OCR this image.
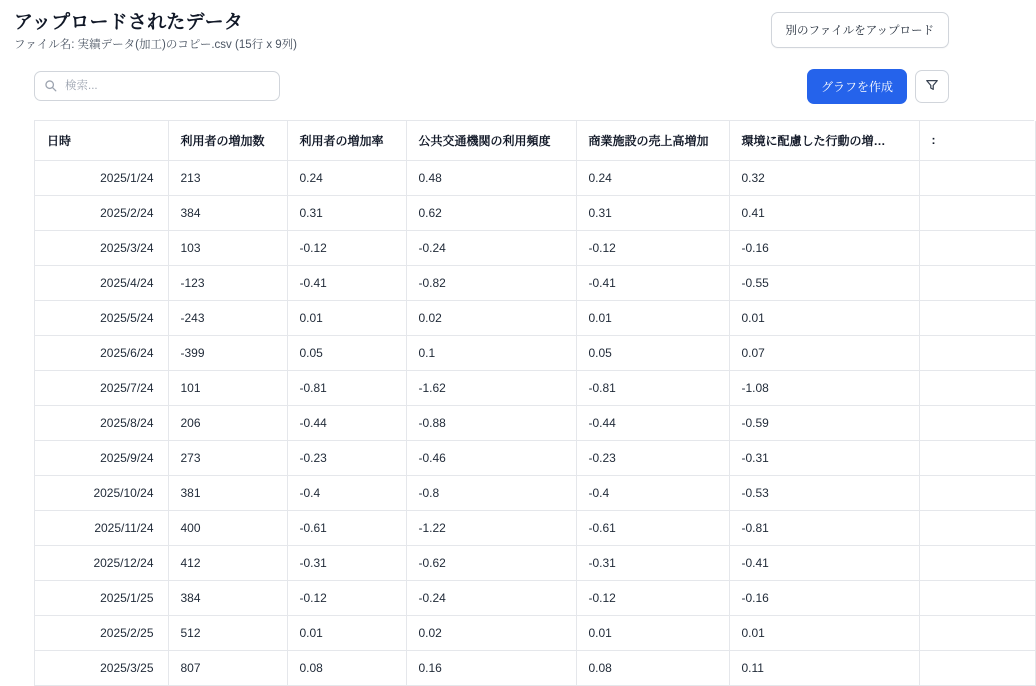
アップロードされたデータ
ファイル名: 実績データ(加工)のコピー.csv (15行 x 9列)
別のファイルをアップロード
検索...
グラフを作成
日時	利用者の増加数	利用者の増加率	公共交通機関の利用頻度	商業施設の売上高増加	環境に配慮した行動の増…	:
2025/1/24	213	0.24	0.48	0.24	0.32	
2025/2/24	384	0.31	0.62	0.31	0.41	
2025/3/24	103	-0.12	-0.24	-0.12	-0.16	
2025/4/24	-123	-0.41	-0.82	-0.41	-0.55	
2025/5/24	-243	0.01	0.02	0.01	0.01	
2025/6/24	-399	0.05	0.1	0.05	0.07	
2025/7/24	101	-0.81	-1.62	-0.81	-1.08	
2025/8/24	206	-0.44	-0.88	-0.44	-0.59	
2025/9/24	273	-0.23	-0.46	-0.23	-0.31	
2025/10/24	381	-0.4	-0.8	-0.4	-0.53	
2025/11/24	400	-0.61	-1.22	-0.61	-0.81	
2025/12/24	412	-0.31	-0.62	-0.31	-0.41	
2025/1/25	384	-0.12	-0.24	-0.12	-0.16	
2025/2/25	512	0.01	0.02	0.01	0.01	
2025/3/25	807	0.08	0.16	0.08	0.11	
